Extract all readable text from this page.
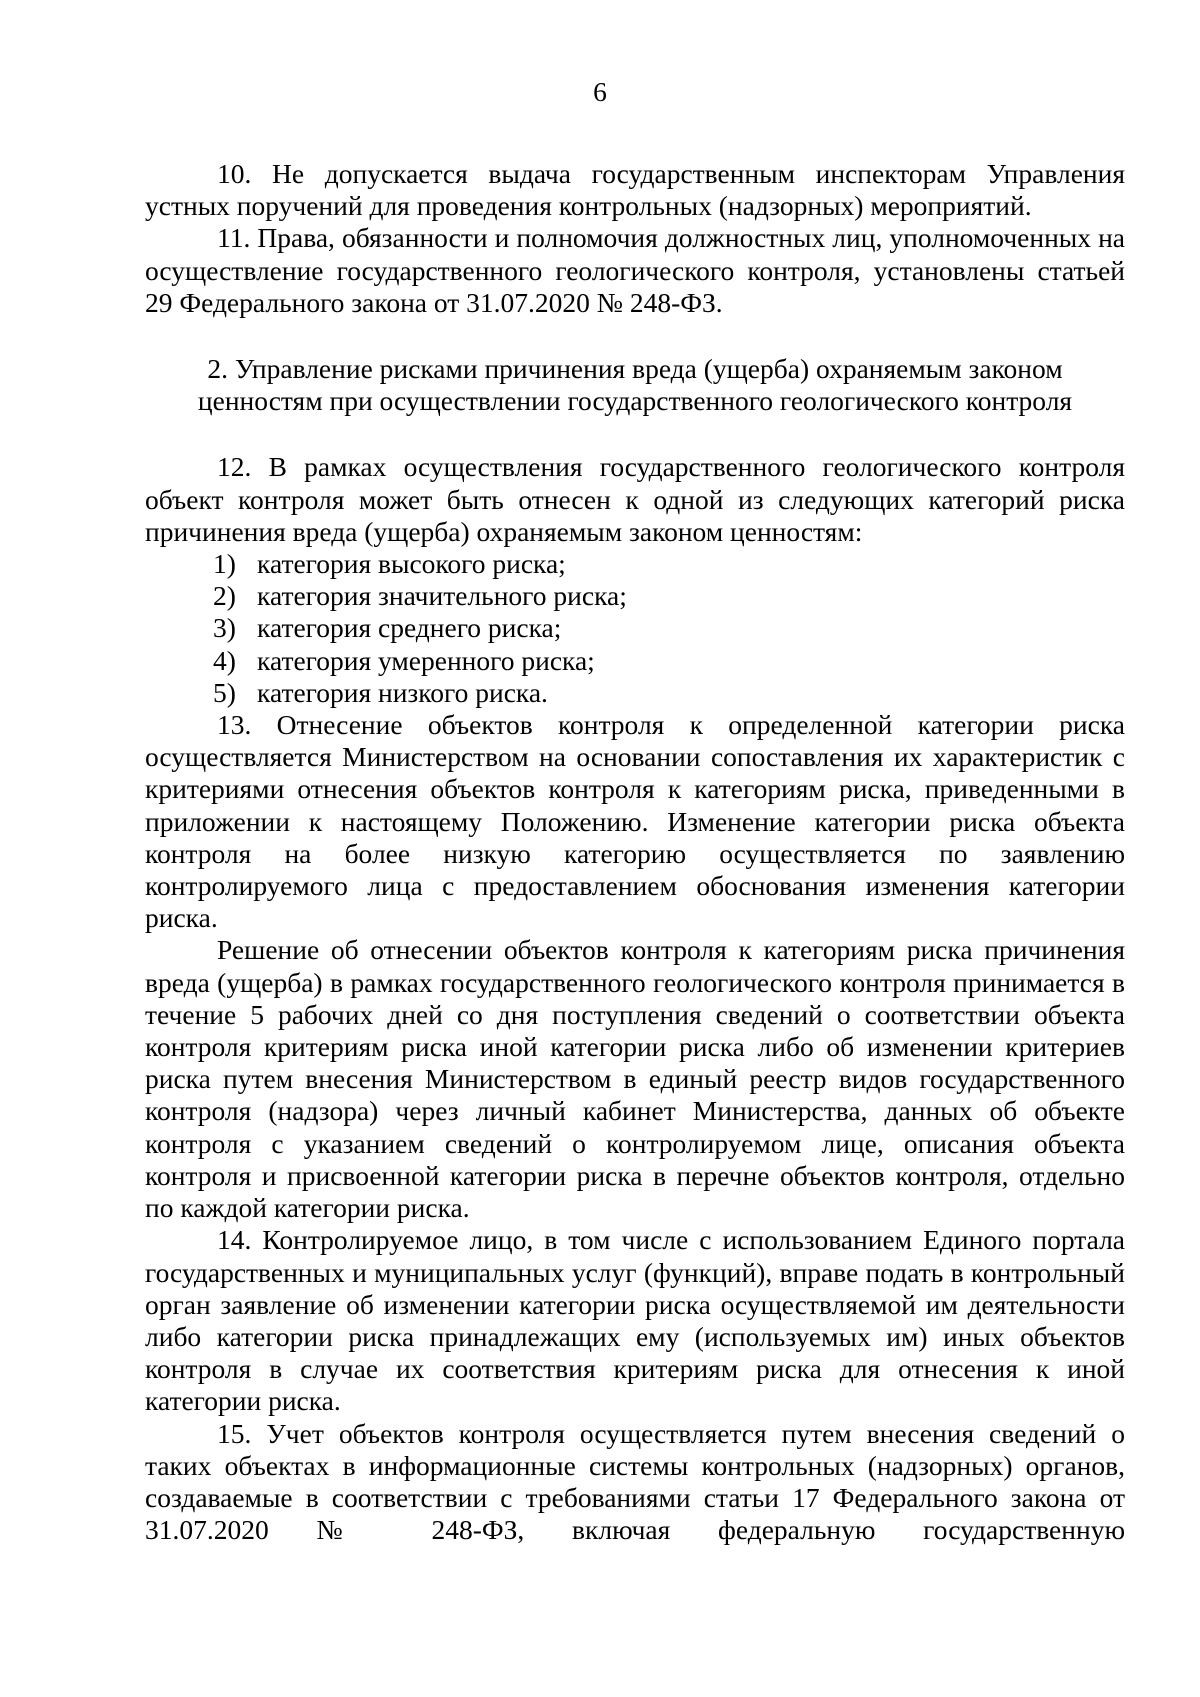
6

10. Не допускается выдача государственным инспекторам Управления устных поручений для проведения контрольных (надзорных) мероприятий.

11. Права, обязанности и полномочия должностных лиц, уполномоченных на осуществление государственного геологического контроля, установлены статьей 29 Федерального закона от 31.07.2020 № 248-ФЗ.

2. Управление рисками причинения вреда (ущерба) охраняемым законом
ценностям при осуществлении государственного геологического контроля

12. В рамках осуществления государственного геологического контроля объект контроля может быть отнесен к одной из следующих категорий риска причинения вреда (ущерба) охраняемым законом ценностям:

1) категория высокого риска;
2) категория значительного риска;
3) категория среднего риска;
4) категория умеренного риска;
5) категория низкого риска.

13. Отнесение объектов контроля к определенной категории риска осуществляется Министерством на основании сопоставления их характеристик с критериями отнесения объектов контроля к категориям риска, приведенными в приложении к настоящему Положению. Изменение категории риска объекта контроля на более низкую категорию осуществляется по заявлению контролируемого лица с предоставлением обоснования изменения категории риска.

Решение об отнесении объектов контроля к категориям риска причинения вреда (ущерба) в рамках государственного геологического контроля принимается в течение 5 рабочих дней со дня поступления сведений о соответствии объекта контроля критериям риска иной категории риска либо об изменении критериев риска путем внесения Министерством в единый реестр видов государственного контроля (надзора) через личный кабинет Министерства, данных об объекте контроля с указанием сведений о контролируемом лице, описания объекта контроля и присвоенной категории риска в перечне объектов контроля, отдельно по каждой категории риска.

14. Контролируемое лицо, в том числе с использованием Единого портала государственных и муниципальных услуг (функций), вправе подать в контрольный орган заявление об изменении категории риска осуществляемой им деятельности либо категории риска принадлежащих ему (используемых им) иных объектов контроля в случае их соответствия критериям риска для отнесения к иной категории риска.

15. Учет объектов контроля осуществляется путем внесения сведений о таких объектах в информационные системы контрольных (надзорных) органов, создаваемые в соответствии с требованиями статьи 17 Федерального закона от 31.07.2020 № 248-ФЗ, включая федеральную государственную
